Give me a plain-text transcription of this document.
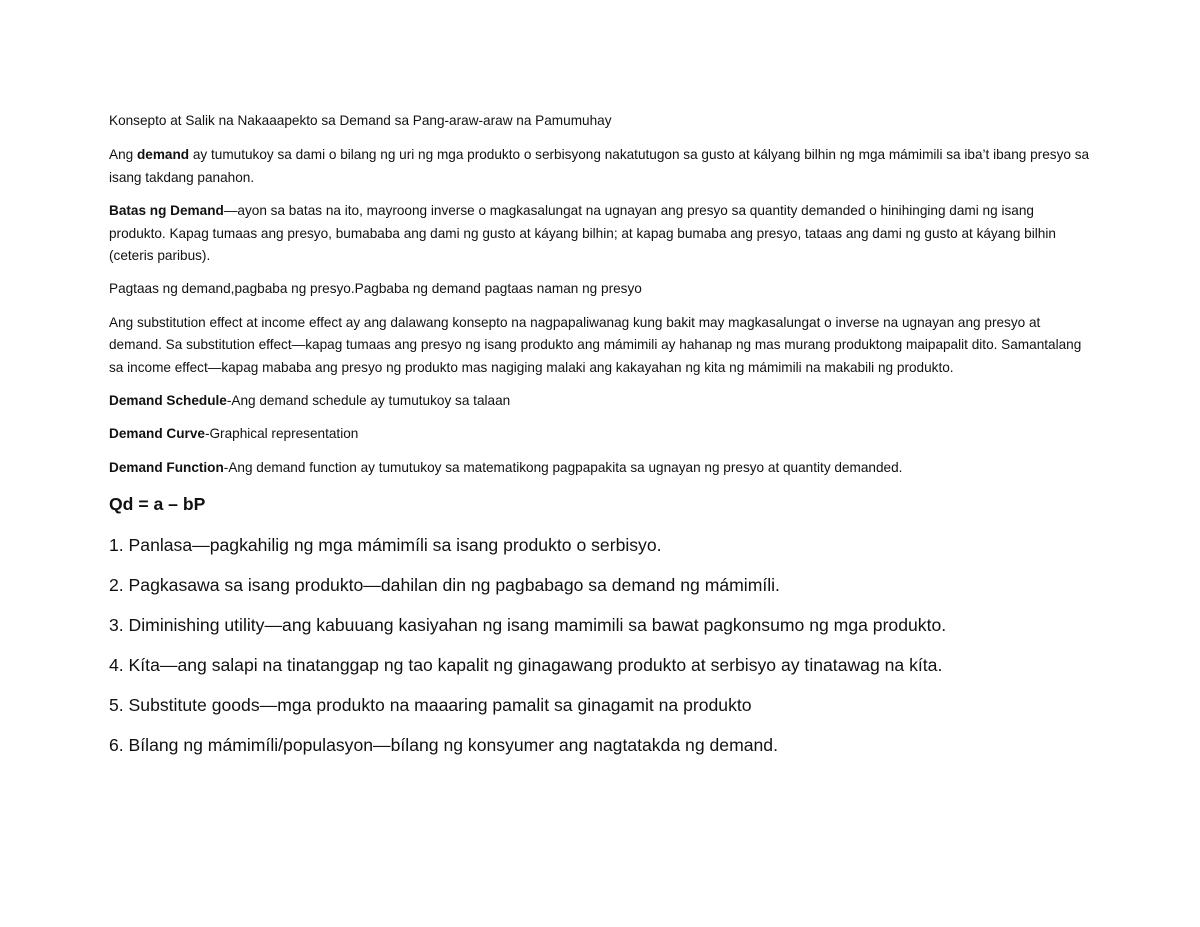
Konsepto at Salik na Nakaaapekto sa Demand sa Pang-araw-araw na Pamumuhay

Ang demand ay tumutukoy sa dami o bilang ng uri ng mga produkto o serbisyong nakatutugon sa gusto at kályang bilhin ng mga mámimili sa iba’t ibang presyo sa isang takdang panahon.

Batas ng Demand—ayon sa batas na ito, mayroong inverse o magkasalungat na ugnayan ang presyo sa quantity demanded o hinihinging dami ng isang produkto. Kapag tumaas ang presyo, bumababa ang dami ng gusto at káyang bilhin; at kapag bumaba ang presyo, tataas ang dami ng gusto at káyang bilhin (ceteris paribus).

Pagtaas ng demand,pagbaba ng presyo.Pagbaba ng demand pagtaas naman ng presyo

Ang substitution effect at income effect ay ang dalawang konsepto na nagpapaliwanag kung bakit may magkasalungat o inverse na ugnayan ang presyo at demand. Sa substitution effect—kapag tumaas ang presyo ng isang produkto ang mámimili ay hahanap ng mas murang produktong maipapalit dito. Samantalang sa income effect—kapag mababa ang presyo ng produkto mas nagiging malaki ang kakayahan ng kita ng mámimili na makabili ng produkto.

Demand Schedule-Ang demand schedule ay tumutukoy sa talaan

Demand Curve-Graphical representation

Demand Function-Ang demand function ay tumutukoy sa matematikong pagpapakita sa ugnayan ng presyo at quantity demanded.

Qd = a – bP

1. Panlasa—pagkahilig ng mga mámimíli sa isang produkto o serbisyo.

2. Pagkasawa sa isang produkto—dahilan din ng pagbabago sa demand ng mámimíli.

3. Diminishing utility—ang kabuuang kasiyahan ng isang mamimili sa bawat pagkonsumo ng mga produkto.

4. Kíta—ang salapi na tinatanggap ng tao kapalit ng ginagawang produkto at serbisyo ay tinatawag na kíta.

5. Substitute goods—mga produkto na maaaring pamalit sa ginagamit na produkto

6. Bílang ng mámimíli/populasyon—bílang ng konsyumer ang nagtatakda ng demand.
